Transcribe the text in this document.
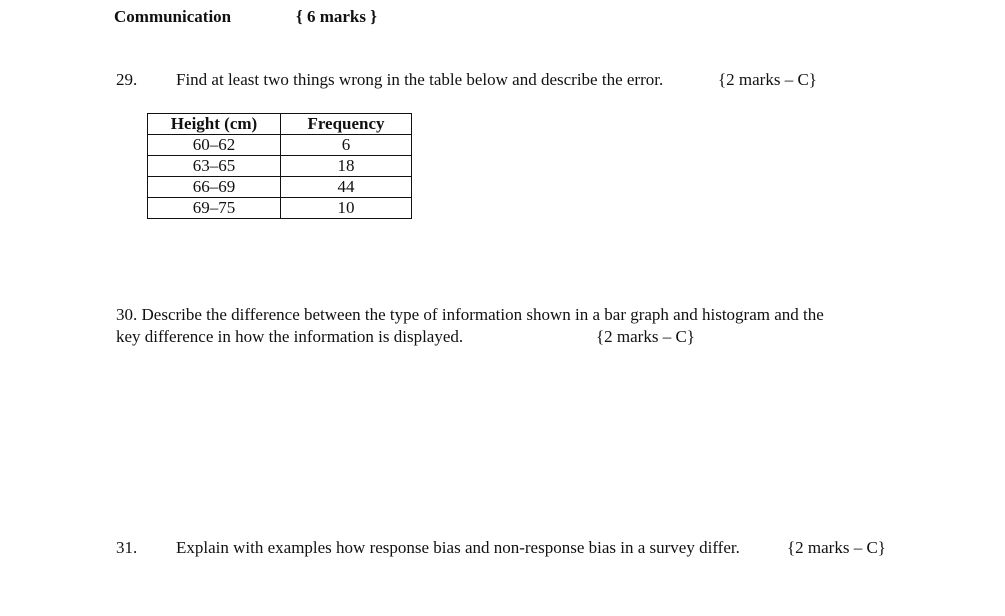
Communication	{ 6 marks }
29. Find at least two things wrong in the table below and describe the error.	{2 marks – C}
Height (cm)	Frequency
60–62	6
63–65	18
66–69	44
69–75	10
30. Describe the difference between the type of information shown in a bar graph and histogram and the
key difference in how the information is displayed.	{2 marks – C}
31. Explain with examples how response bias and non-response bias in a survey differ.	{2 marks – C}
